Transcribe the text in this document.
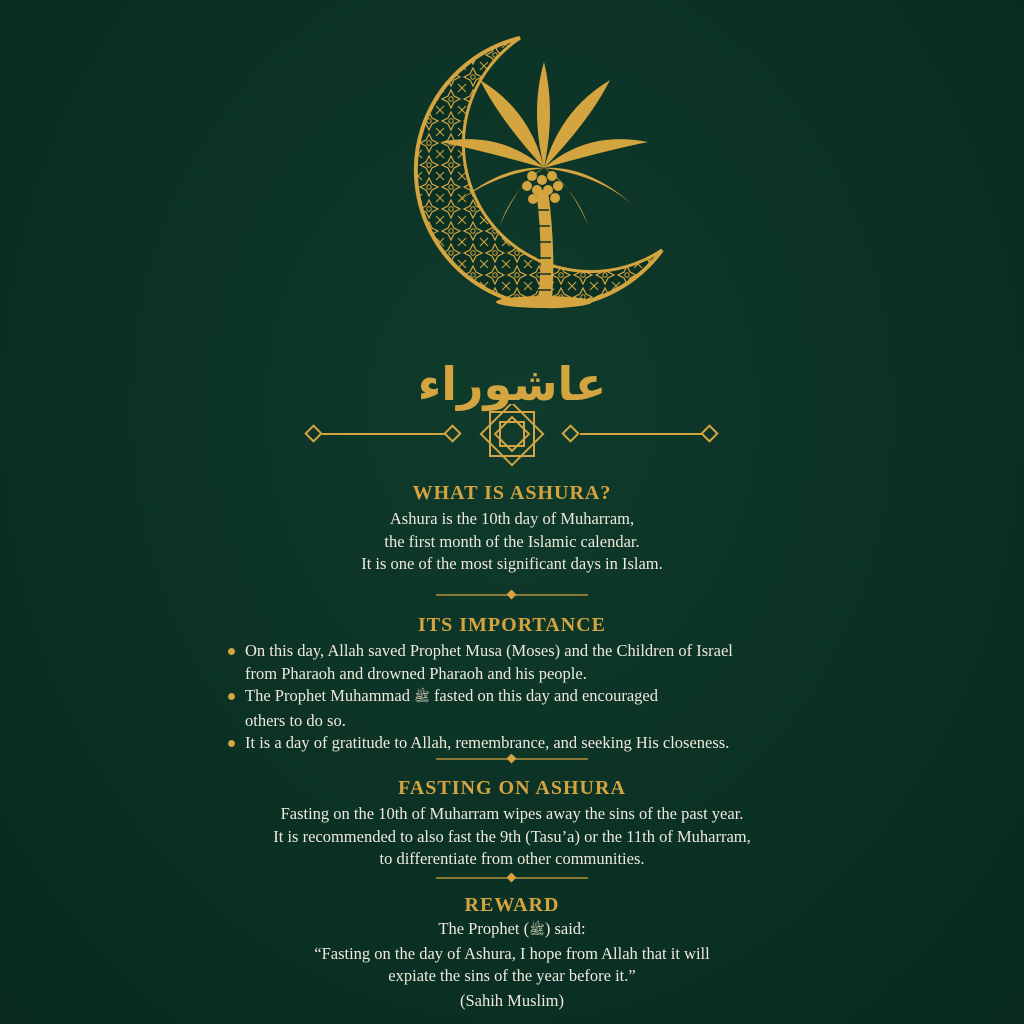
عاشوراء
WHAT IS ASHURA?
Ashura is the 10th day of Muharram,
the first month of the Islamic calendar.
It is one of the most significant days in Islam.
ITS IMPORTANCE
On this day, Allah saved Prophet Musa (Moses) and the Children of Israel
from Pharaoh and drowned Pharaoh and his people.
The Prophet Muhammad ﷺ fasted on this day and encouraged
others to do so.
It is a day of gratitude to Allah, remembrance, and seeking His closeness.
FASTING ON ASHURA
Fasting on the 10th of Muharram wipes away the sins of the past year.
It is recommended to also fast the 9th (Tasu’a) or the 11th of Muharram,
to differentiate from other communities.
REWARD
The Prophet (ﷺ) said:
“Fasting on the day of Ashura, I hope from Allah that it will
expiate the sins of the year before it.”
(Sahih Muslim)
